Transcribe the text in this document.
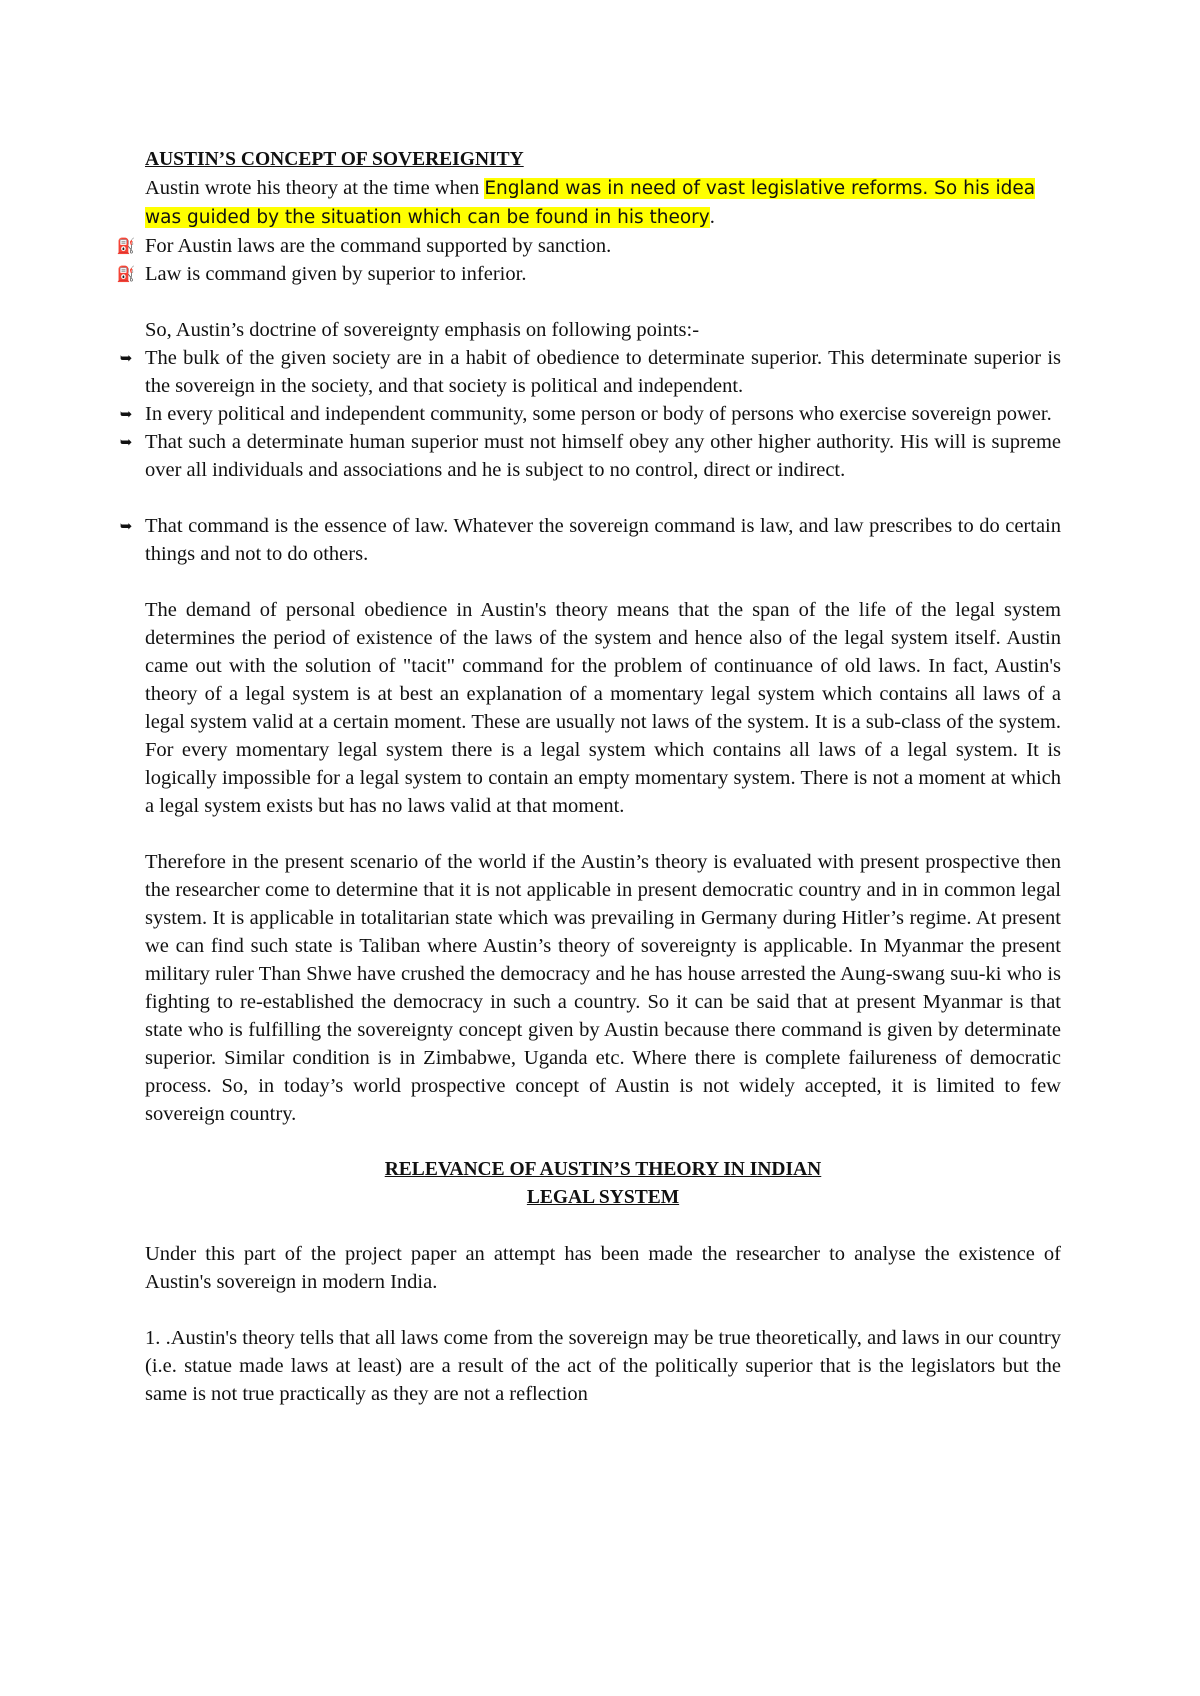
AUSTIN’S CONCEPT OF SOVEREIGNITY

Austin wrote his theory at the time when England was in need of vast legislative reforms. So his idea was guided by the situation which can be found in his theory.

⛽ For Austin laws are the command supported by sanction.

⛽ Law is command given by superior to inferior.

So, Austin’s doctrine of sovereignty emphasis on following points:-

➥ The bulk of the given society are in a habit of obedience to determinate superior. This determinate superior is the sovereign in the society, and that society is political and independent.

➥ In every political and independent community, some person or body of persons who exercise sovereign power.

➥ That such a determinate human superior must not himself obey any other higher authority. His will is supreme over all individuals and associations and he is subject to no control, direct or indirect.

➥ That command is the essence of law. Whatever the sovereign command is law, and law prescribes to do certain things and not to do others.

The demand of personal obedience in Austin's theory means that the span of the life of the legal system determines the period of existence of the laws of the system and hence also of the legal system itself. Austin came out with the solution of "tacit" command for the problem of continuance of old laws. In fact, Austin's theory of a legal system is at best an explanation of a momentary legal system which contains all laws of a legal system valid at a certain moment. These are usually not laws of the system. It is a sub-class of the system. For every momentary legal system there is a legal system which contains all laws of a legal system. It is logically impossible for a legal system to contain an empty momentary system. There is not a moment at which a legal system exists but has no laws valid at that moment.

Therefore in the present scenario of the world if the Austin’s theory is evaluated with present prospective then the researcher come to determine that it is not applicable in present democratic country and in in common legal system. It is applicable in totalitarian state which was prevailing in Germany during Hitler’s regime. At present we can find such state is Taliban where Austin’s theory of sovereignty is applicable. In Myanmar the present military ruler Than Shwe have crushed the democracy and he has house arrested the Aung-swang suu-ki who is fighting to re-established the democracy in such a country. So it can be said that at present Myanmar is that state who is fulfilling the sovereignty concept given by Austin because there command is given by determinate superior. Similar condition is in Zimbabwe, Uganda etc. Where there is complete failureness of democratic process. So, in today’s world prospective concept of Austin is not widely accepted, it is limited to few sovereign country.

RELEVANCE OF AUSTIN’S THEORY IN INDIAN

LEGAL SYSTEM

Under this part of the project paper an attempt has been made the researcher to analyse the existence of Austin's sovereign in modern India.

1. .Austin's theory tells that all laws come from the sovereign may be true theoretically, and laws in our country (i.e. statue made laws at least) are a result of the act of the politically superior that is the legislators but the same is not true practically as they are not a reflection
